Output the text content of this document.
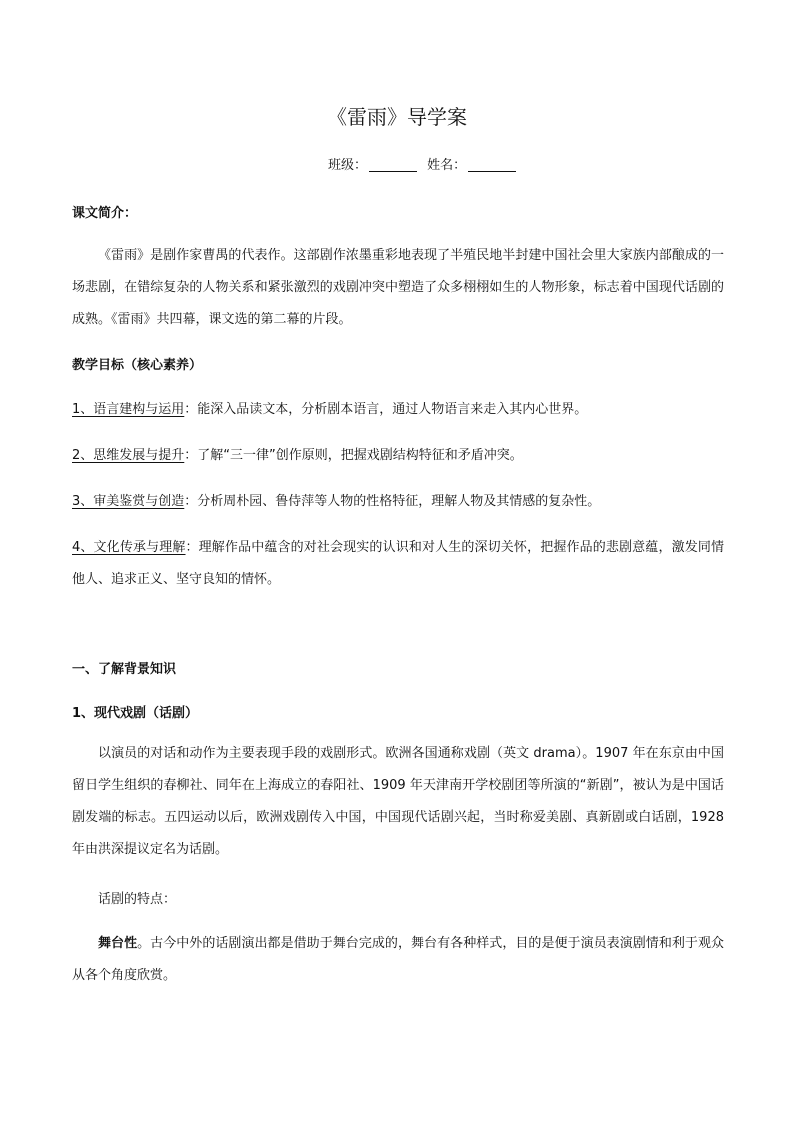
《雷雨》导学案
班级：	姓名：
课文简介：
《雷雨》是剧作家曹禺的代表作。这部剧作浓墨重彩地表现了半殖民地半封建中国社会里大家族内部酿成的一场悲剧，在错综复杂的人物关系和紧张激烈的戏剧冲突中塑造了众多栩栩如生的人物形象，标志着中国现代话剧的成熟。《雷雨》共四幕，课文选的第二幕的片段。
教学目标（核心素养）
1、语言建构与运用：能深入品读文本，分析剧本语言，通过人物语言来走入其内心世界。
2、思维发展与提升：了解“三一律”创作原则，把握戏剧结构特征和矛盾冲突。
3、审美鉴赏与创造：分析周朴园、鲁侍萍等人物的性格特征，理解人物及其情感的复杂性。
4、文化传承与理解：理解作品中蕴含的对社会现实的认识和对人生的深切关怀，把握作品的悲剧意蕴，激发同情他人、追求正义、坚守良知的情怀。
一、了解背景知识
1、现代戏剧（话剧）
以演员的对话和动作为主要表现手段的戏剧形式。欧洲各国通称戏剧（英文 drama）。1907 年在东京由中国留日学生组织的春柳社、同年在上海成立的春阳社、1909 年天津南开学校剧团等所演的“新剧”，被认为是中国话剧发端的标志。五四运动以后，欧洲戏剧传入中国，中国现代话剧兴起，当时称爱美剧、真新剧或白话剧，1928 年由洪深提议定名为话剧。
话剧的特点：
舞台性。古今中外的话剧演出都是借助于舞台完成的，舞台有各种样式，目的是便于演员表演剧情和利于观众从各个角度欣赏。
